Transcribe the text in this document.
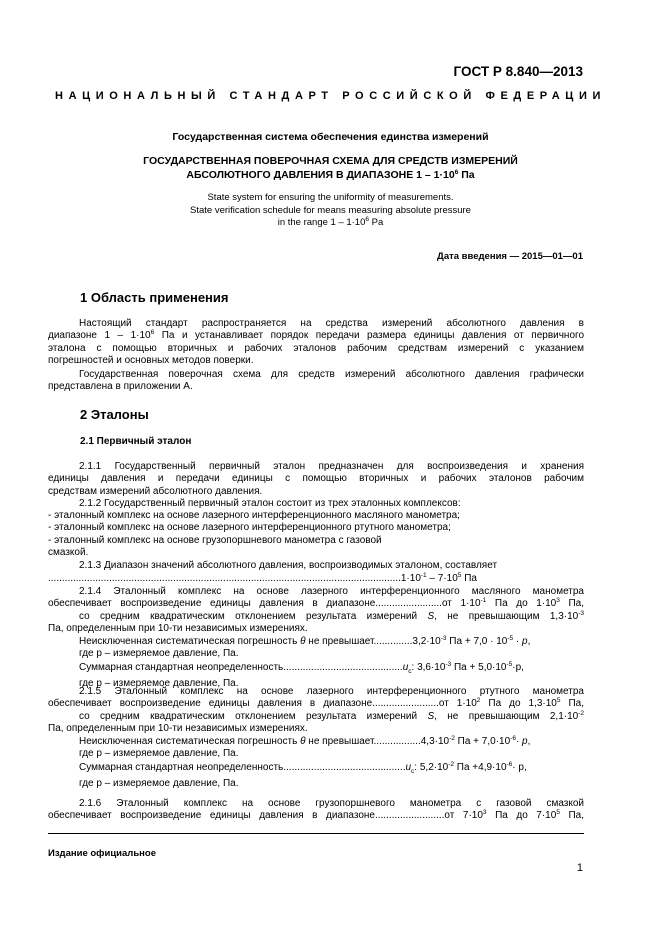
ГОСТ Р 8.840—2013
НАЦИОНАЛЬНЫЙ СТАНДАРТ РОССИЙСКОЙ ФЕДЕРАЦИИ
Государственная система обеспечения единства измерений
ГОСУДАРСТВЕННАЯ ПОВЕРОЧНАЯ СХЕМА ДЛЯ СРЕДСТВ ИЗМЕРЕНИЙ
АБСОЛЮТНОГО ДАВЛЕНИЯ В ДИАПАЗОНЕ $1 - 1\cdot 10^6$ Па
State system for ensuring the uniformity of measurements.
State verification schedule for means measuring absolute pressure
in the range $1 - 1\cdot 10^6$ Pa
Дата введения — 2015—01—01
1 Область применения
Настоящий стандарт распространяется на средства измерений абсолютного давления в
диапазоне $1 - 1\cdot 10^6$ Па и устанавливает порядок передачи размера единицы давления от первичного
эталона с помощью вторичных и рабочих эталонов рабочим средствам измерений с указанием
погрешностей и основных методов поверки.
Государственная поверочная схема для средств измерений абсолютного давления графически
представлена в приложении А.
2 Эталоны
2.1 Первичный эталон
2.1.1 Государственный первичный эталон предназначен для воспроизведения и хранения
единицы давления и передачи единицы с помощью вторичных и рабочих эталонов рабочим
средствам измерений абсолютного давления.
2.1.2 Государственный первичный эталон состоит из трех эталонных комплексов:
- эталонный комплекс на основе лазерного интерференционного масляного манометра;
- эталонный комплекс на основе лазерного интерференционного ртутного манометра;
- эталонный комплекс на основе грузопоршневого манометра с газовой
смазкой.
2.1.3 Диапазон значений абсолютного давления, воспроизводимых эталоном, составляет
........................................................................................................................$.......1\cdot 10^{-1} - 7\cdot 10^5$ Па
2.1.4 Эталонный комплекс на основе лазерного интерференционного масляного манометра
обеспечивает воспроизведение единицы давления в диапазоне........................от $1\cdot 10^{-1}$ Па до $1\cdot 10^3$ Па,
со средним квадратическим отклонением результата измерений S, не превышающим $1,3\cdot 10^{-3}$
Па, определенным при 10-ти независимых измерениях.
Неисключенная систематическая погрешность θ не $превышает..............3,2\cdot 10^{-3}$ Па + $7,0 \cdot 10^{-5} \cdot р$,
где р – измеряемое давление, Па.
Суммарная стандартная $неопределенность...........................................u_c$: $3,6\cdot 10^{-3}$ Па + $5,0\cdot 10^{-5}\cdot р$,
где р – измеряемое давление, Па.
2.1.5 Эталонный комплекс на основе лазерного интерференционного ртутного манометра
обеспечивает воспроизведение единицы давления в диапазоне........................от $1\cdot 10^2$ Па до $1,3\cdot 10^5$ Па,
со средним квадратическим отклонением результата измерений S, не превышающим $2,1\cdot 10^{-2}$
Па, определенным при 10-ти независимых измерениях.
Неисключенная систематическая погрешность θ не $превышает.................4,3\cdot 10^{-2}$ Па + $7,0\cdot 10^{-6}\cdot р$,
где р – измеряемое давление, Па.
Суммарная стандартная $неопределенность............................................u_c$: $5,2\cdot 10^{-2}$ Па $+4,9\cdot 10^{-6}\cdot р$,
где р – измеряемое давление, Па.
2.1.6 Эталонный комплекс на основе грузопоршневого манометра с газовой смазкой
обеспечивает воспроизведение единицы давления в диапазоне.........................от $7\cdot 10^3$ Па до $7\cdot 10^5$ Па,
Издание официальное
1
